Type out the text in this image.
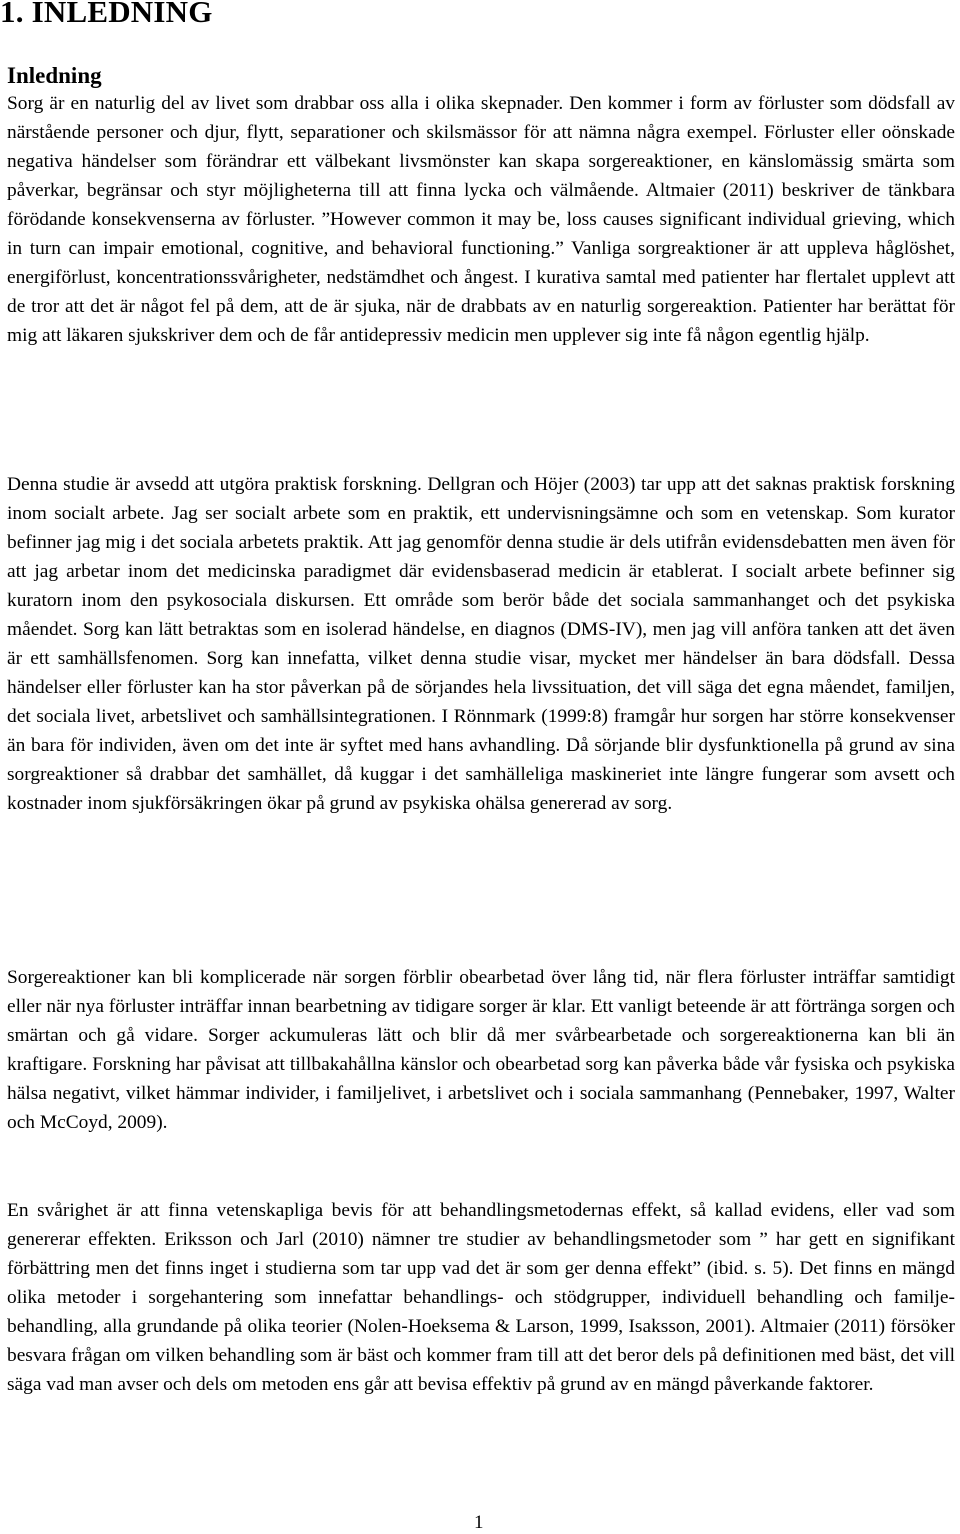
1. INLEDNING
Inledning

Sorg är en naturlig del av livet som drabbar oss alla i olika skepnader. Den kommer i form av förluster som dödsfall av närstående personer och djur, flytt, separationer och skilsmässor för att nämna några exempel. Förluster eller oönskade negativa händelser som förändrar ett välbekant livsmönster kan skapa sorgereaktioner, en känslomässig smärta som påverkar, begränsar och styr möjligheterna till att finna lycka och välmående. Altmaier (2011) beskriver de tänkbara förödande konsekvenserna av förluster. ”However common it may be, loss causes significant individual grieving, which in turn can impair emotional, cognitive, and behavioral functioning.” Vanliga sorgreaktioner är att uppleva håglöshet, energiförlust, koncentrationssvårigheter, nedstämdhet och ångest. I kurativa samtal med patienter har flertalet upplevt att de tror att det är något fel på dem, att de är sjuka, när de drabbats av en naturlig sorgereaktion. Patienter har berättat för mig att läkaren sjukskriver dem och de får antidepressiv medicin men upplever sig inte få någon egentlig hjälp.

Denna studie är avsedd att utgöra praktisk forskning. Dellgran och Höjer (2003) tar upp att det saknas praktisk forskning inom socialt arbete. Jag ser socialt arbete som en praktik, ett undervisningsämne och som en vetenskap. Som kurator befinner jag mig i det sociala arbetets praktik. Att jag genomför denna studie är dels utifrån evidensdebatten men även för att jag arbetar inom det medicinska paradigmet där evidensbaserad medicin är etablerat. I socialt arbete befinner sig kuratorn inom den psykosociala diskursen. Ett område som berör både det sociala sammanhanget och det psykiska måendet. Sorg kan lätt betraktas som en isolerad händelse, en diagnos (DMS-IV), men jag vill anföra tanken att det även är ett samhällsfenomen. Sorg kan innefatta, vilket denna studie visar, mycket mer händelser än bara dödsfall. Dessa händelser eller förluster kan ha stor påverkan på de sörjandes hela livssituation, det vill säga det egna måendet, familjen, det sociala livet, arbetslivet och samhällsintegrationen. I Rönnmark (1999:8) framgår hur sorgen har större konsekvenser än bara för individen, även om det inte är syftet med hans avhandling. Då sörjande blir dysfunktionella på grund av sina sorgreaktioner så drabbar det samhället, då kuggar i det samhälleliga maskineriet inte längre fungerar som avsett och kostnader inom sjukförsäkringen ökar på grund av psykiska ohälsa genererad av sorg.

Sorgereaktioner kan bli komplicerade när sorgen förblir obearbetad över lång tid, när flera förluster inträffar samtidigt eller när nya förluster inträffar innan bearbetning av tidigare sorger är klar. Ett vanligt beteende är att förtränga sorgen och smärtan och gå vidare. Sorger ackumuleras lätt och blir då mer svårbearbetade och sorgereaktionerna kan bli än kraftigare. Forskning har påvisat att tillbakahållna känslor och obearbetad sorg kan påverka både vår fysiska och psykiska hälsa negativt, vilket hämmar individer, i familjelivet, i arbetslivet och i sociala sammanhang (Pennebaker, 1997, Walter och McCoyd, 2009).

En svårighet är att finna vetenskapliga bevis för att behandlingsmetodernas effekt, så kallad evidens, eller vad som genererar effekten. Eriksson och Jarl (2010) nämner tre studier av behandlingsmetoder som ” har gett en signifikant förbättring men det finns inget i studierna som tar upp vad det är som ger denna effekt” (ibid. s. 5). Det finns en mängd olika metoder i sorgehantering som innefattar behandlings- och stödgrupper, individuell behandling och familjebehandling, alla grundande på olika teorier (Nolen-Hoeksema & Larson, 1999, Isaksson, 2001). Altmaier (2011) försöker besvara frågan om vilken behandling som är bäst och kommer fram till att det beror dels på definitionen med bäst, det vill säga vad man avser och dels om metoden ens går att bevisa effektiv på grund av en mängd påverkande faktorer.

1
